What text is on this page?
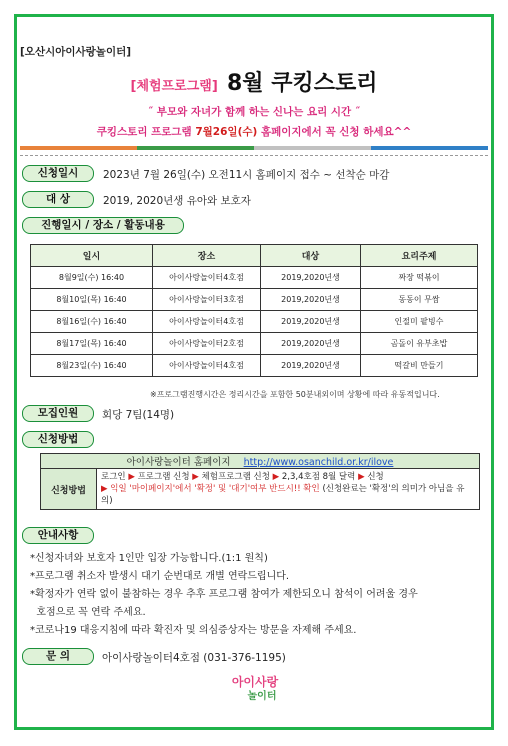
[오산시아이사랑놀이터]
[체험프로그램] 8월 쿠킹스토리
˝ 부모와 자녀가 함께 하는 신나는 요리 시간 ˝
쿠킹스토리 프로그램 7월26일(수) 홈페이지에서 꼭 신청 하세요^^
신청일시	2023년 7월 26일(수) 오전11시 홈페이지 접수 ~ 선착순 마감
대 상	2019, 2020년생 유아와 보호자
진행일시 / 장소 / 활동내용
일시	장소	대상	요리주제
8월9일(수) 16:40	아이사랑놀이터4호점	2019,2020년생	짜장 떡볶이
8월10일(목) 16:40	아이사랑놀이터3호점	2019,2020년생	동동이 무쌈
8월16일(수) 16:40	아이사랑놀이터4호점	2019,2020년생	인절미 팥빙수
8월17일(목) 16:40	아이사랑놀이터2호점	2019,2020년생	곰돌이 유부초밥
8월23일(수) 16:40	아이사랑놀이터4호점	2019,2020년생	떡갈비 만들기
※프로그램진행시간은 정리시간을 포함한 50분내외이며 상황에 따라 유동적입니다.
모집인원	회당 7팀(14명)
신청방법
아이사랑놀이터 홈페이지 http://www.osanchild.or.kr/ilove
신청방법	로그인 ▶ 프로그램 신청 ▶ 체험프로그램 신청 ▶ 2,3,4호점 8월 달력 ▶ 신청
▶ 익일 '마이페이지'에서 '확정' 및 '대기'여부 반드시!! 확인 (신청완료는 '확정'의 의미가 아님을 유의)
안내사항
*신청자녀와 보호자 1인만 입장 가능합니다.(1:1 원칙)
*프로그램 취소자 발생시 대기 순번대로 개별 연락드립니다.
*확정자가 연락 없이 불참하는 경우 추후 프로그램 참여가 제한되오니 참석이 어려울 경우
호점으로 꼭 연락 주세요.
*코로나19 대응지침에 따라 확진자 및 의심증상자는 방문을 자제해 주세요.
문 의	아이사랑놀이터4호점 (031-376-1195)
아이사랑
놀이터
